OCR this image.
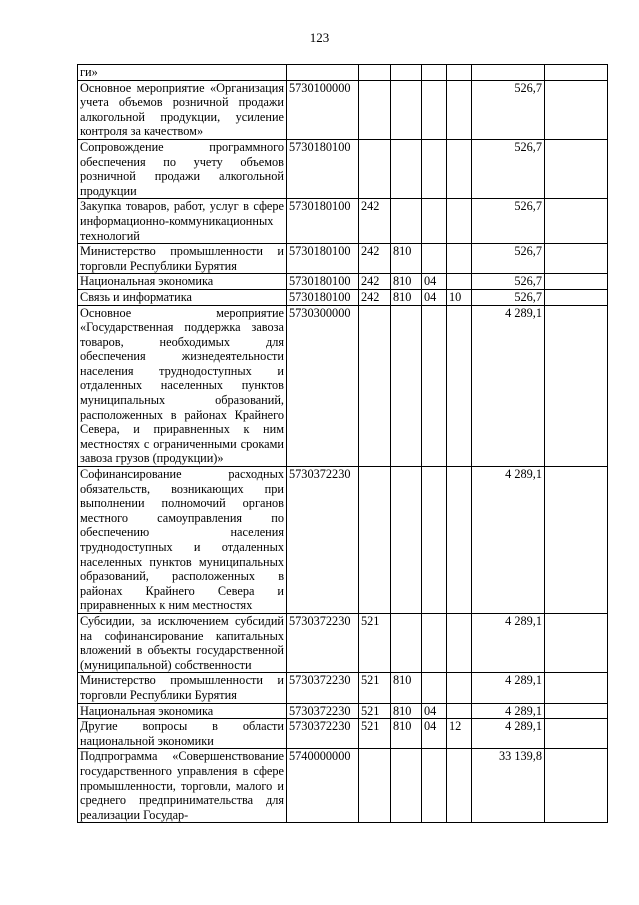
123
ги»							
Основное мероприятие «Организация учета объемов розничной продажи алкогольной продукции, усиление контроля за качеством»	5730100000					526,7	
Сопровождение программного обеспечения по учету объемов розничной продажи алкогольной продукции	5730180100					526,7	
Закупка товаров, работ, услуг в сфере информационно-коммуникационных технологий	5730180100	242				526,7	
Министерство промышленности и торговли Республики Бурятия	5730180100	242	810			526,7	
Национальная экономика	5730180100	242	810	04		526,7	
Связь и информатика	5730180100	242	810	04	10	526,7	
Основное мероприятие «Государственная поддержка завоза товаров, необходимых для обеспечения жизнедеятельности населения труднодоступных и отдаленных населенных пунктов муниципальных образований, расположенных в районах Крайнего Севера, и приравненных к ним местностях с ограниченными сроками завоза грузов (продукции)»	5730300000					4 289,1	
Софинансирование расходных обязательств, возникающих при выполнении полномочий органов местного самоуправления по обеспечению населения труднодоступных и отдаленных населенных пунктов муниципальных образований, расположенных в районах Крайнего Севера и приравненных к ним местностях	5730372230					4 289,1	
Субсидии, за исключением субсидий на софинансирование капитальных вложений в объекты государственной (муниципальной) собственности	5730372230	521				4 289,1	
Министерство промышленности и торговли Республики Бурятия	5730372230	521	810			4 289,1	
Национальная экономика	5730372230	521	810	04		4 289,1	
Другие вопросы в области национальной экономики	5730372230	521	810	04	12	4 289,1	
Подпрограмма «Совершенствование государственного управления в сфере промышленности, торговли, малого и среднего предпринимательства для реализации Государ-	5740000000					33 139,8	
